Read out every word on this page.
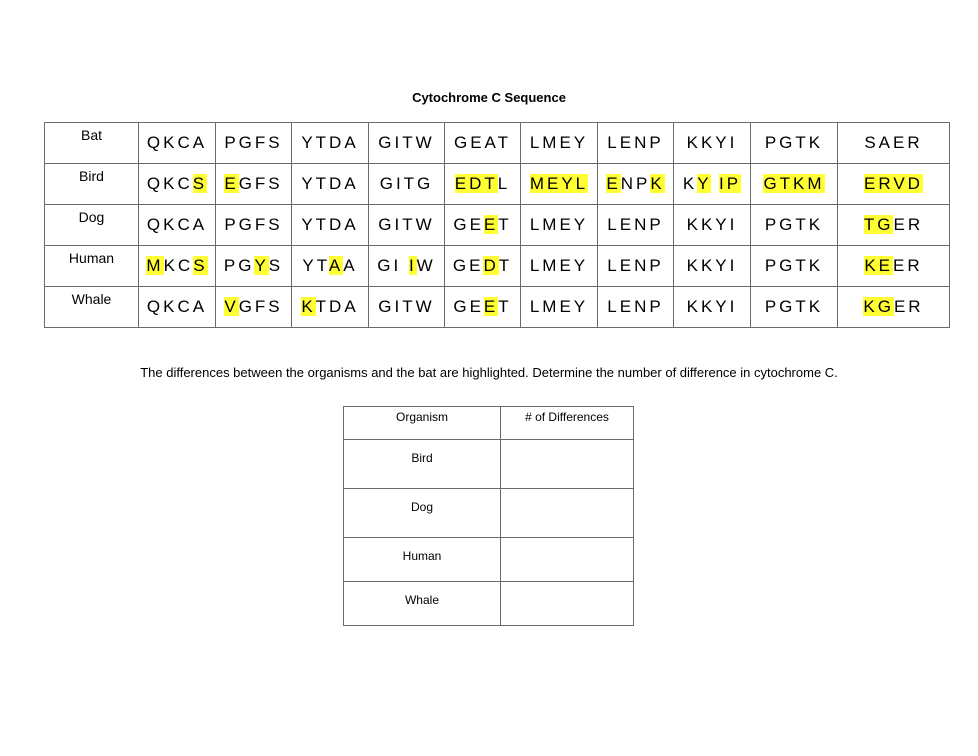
Cytochrome C Sequence
Bat	QKCA	PGFS	YTDA	GITW	GEAT	LMEY	LENP	KKYI	PGTK	SAER
Bird	QKCS	EGFS	YTDA	GITG	EDTL	MEYL	ENPK	KY IP	GTKM	ERVD
Dog	QKCA	PGFS	YTDA	GITW	GEET	LMEY	LENP	KKYI	PGTK	TGER
Human	MKCS	PGYS	YTAA	GI IW	GEDT	LMEY	LENP	KKYI	PGTK	KEER
Whale	QKCA	VGFS	KTDA	GITW	GEET	LMEY	LENP	KKYI	PGTK	KGER
The differences between the organisms and the bat are highlighted. Determine the number of difference in cytochrome C.
Organism	# of Differences

Bird	

Dog	

Human	

Whale	
